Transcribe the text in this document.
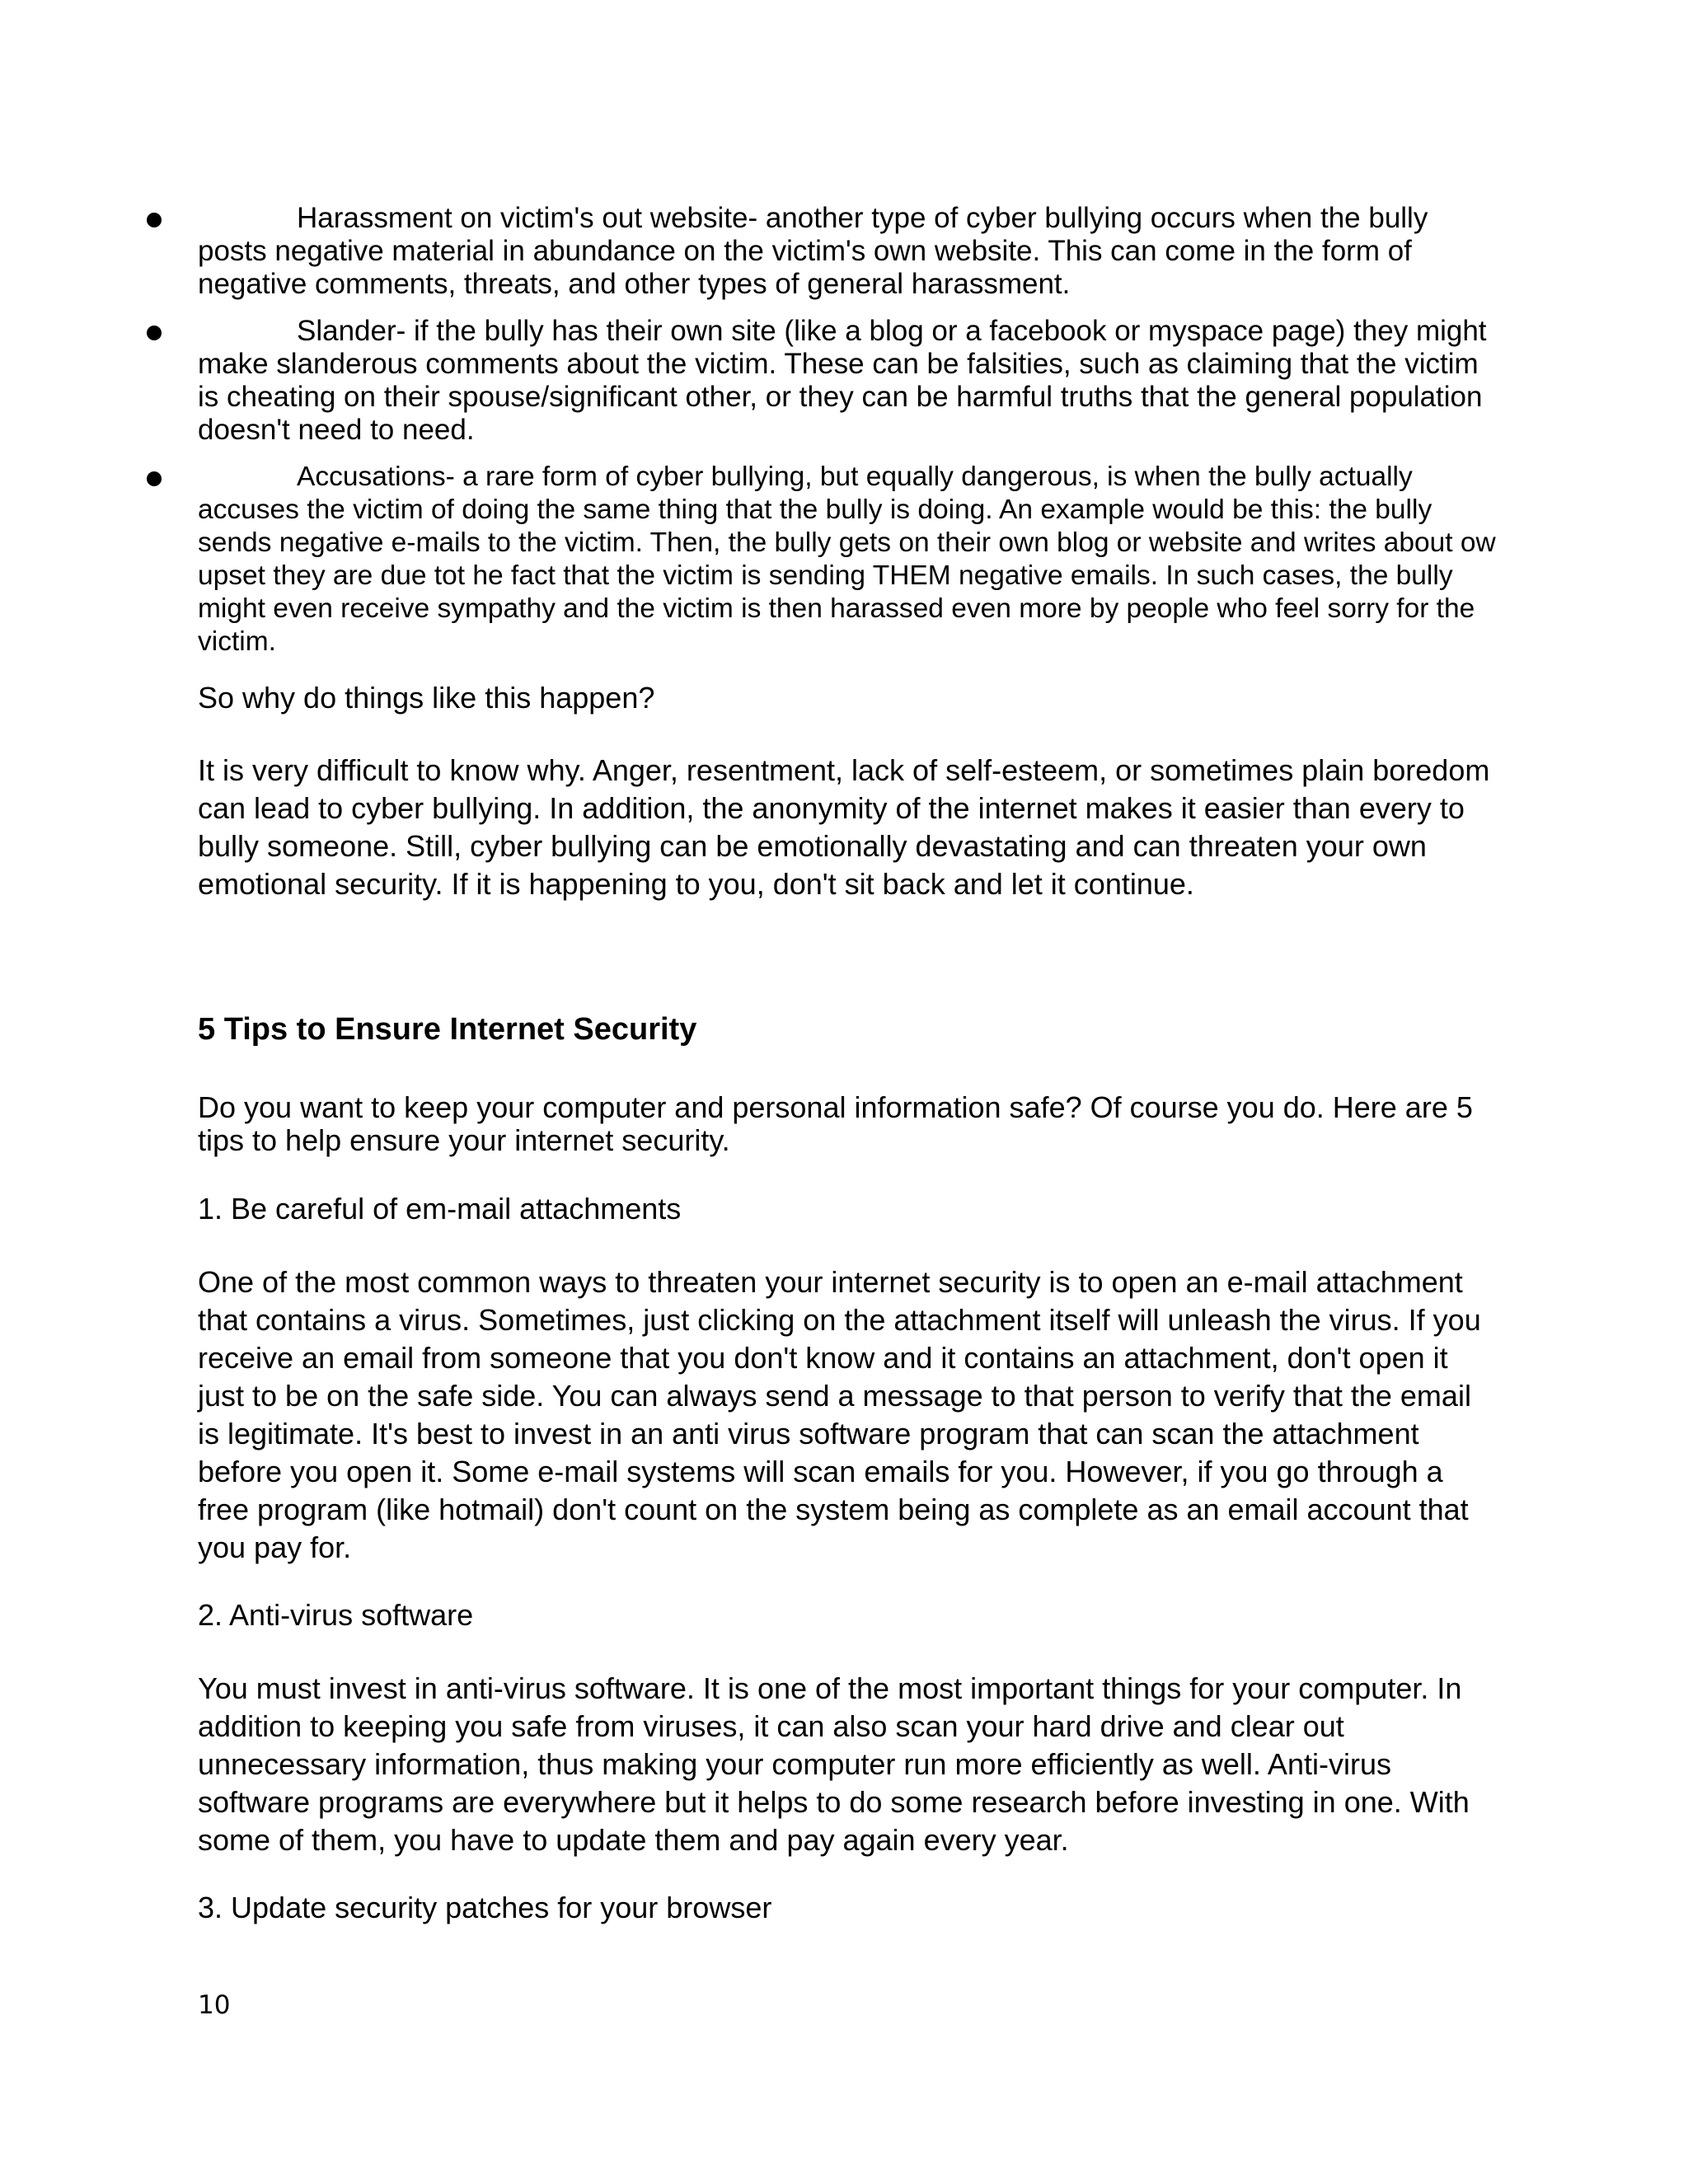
Harassment on victim's out website- another type of cyber bullying occurs when the bully posts negative material in abundance on the victim's own website. This can come in the form of negative comments, threats, and other types of general harassment.
Slander- if the bully has their own site (like a blog or a facebook or myspace page) they might make slanderous comments about the victim. These can be falsities, such as claiming that the victim is cheating on their spouse/significant other, or they can be harmful truths that the general population doesn't need to need.
Accusations- a rare form of cyber bullying, but equally dangerous, is when the bully actually accuses the victim of doing the same thing that the bully is doing. An example would be this: the bully sends negative e-mails to the victim. Then, the bully gets on their own blog or website and writes about ow upset they are due tot he fact that the victim is sending THEM negative emails. In such cases, the bully might even receive sympathy and the victim is then harassed even more by people who feel sorry for the victim.

So why do things like this happen?

It is very difficult to know why. Anger, resentment, lack of self-esteem, or sometimes plain boredom can lead to cyber bullying. In addition, the anonymity of the internet makes it easier than every to bully someone. Still, cyber bullying can be emotionally devastating and can threaten your own emotional security. If it is happening to you, don't sit back and let it continue.

5 Tips to Ensure Internet Security

Do you want to keep your computer and personal information safe? Of course you do. Here are 5 tips to help ensure your internet security.

1. Be careful of em-mail attachments

One of the most common ways to threaten your internet security is to open an e-mail attachment that contains a virus. Sometimes, just clicking on the attachment itself will unleash the virus. If you receive an email from someone that you don't know and it contains an attachment, don't open it just to be on the safe side. You can always send a message to that person to verify that the email is legitimate. It's best to invest in an anti virus software program that can scan the attachment before you open it. Some e-mail systems will scan emails for you. However, if you go through a free program (like hotmail) don't count on the system being as complete as an email account that you pay for.

2. Anti-virus software

You must invest in anti-virus software. It is one of the most important things for your computer. In addition to keeping you safe from viruses, it can also scan your hard drive and clear out unnecessary information, thus making your computer run more efficiently as well. Anti-virus software programs are everywhere but it helps to do some research before investing in one. With some of them, you have to update them and pay again every year.

3. Update security patches for your browser

10
